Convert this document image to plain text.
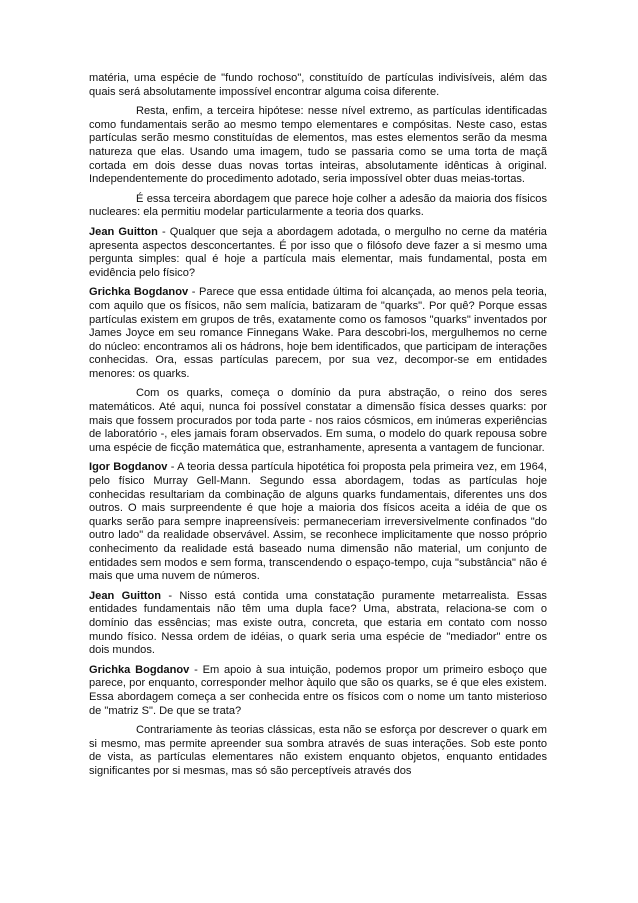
matéria, uma espécie de "fundo rochoso", constituído de partículas indivisíveis, além das quais será absolutamente impossível encontrar alguma coisa diferente.

Resta, enfim, a terceira hipótese: nesse nível extremo, as partículas identificadas como fundamentais serão ao mesmo tempo elementares e compósitas. Neste caso, estas partículas serão mesmo constituídas de elementos, mas estes elementos serão da mesma natureza que elas. Usando uma imagem, tudo se passaria como se uma torta de maçã cortada em dois desse duas novas tortas inteiras, absolutamente idênticas à original. Independentemente do procedimento adotado, seria impossível obter duas meias-tortas.

É essa terceira abordagem que parece hoje colher a adesão da maioria dos físicos nucleares: ela permitiu modelar particularmente a teoria dos quarks.

Jean Guitton - Qualquer que seja a abordagem adotada, o mergulho no cerne da matéria apresenta aspectos desconcertantes. É por isso que o filósofo deve fazer a si mesmo uma pergunta simples: qual é hoje a partícula mais elementar, mais fundamental, posta em evidência pelo físico?

Grichka Bogdanov - Parece que essa entidade última foi alcançada, ao menos pela teoria, com aquilo que os físicos, não sem malícia, batizaram de "quarks". Por quê? Porque essas partículas existem em grupos de três, exatamente como os famosos "quarks" inventados por James Joyce em seu romance Finnegans Wake. Para descobri-los, mergulhemos no cerne do núcleo: encontramos ali os hádrons, hoje bem identificados, que participam de interações conhecidas. Ora, essas partículas parecem, por sua vez, decompor-se em entidades menores: os quarks.

Com os quarks, começa o domínio da pura abstração, o reino dos seres matemáticos. Até aqui, nunca foi possível constatar a dimensão física desses quarks: por mais que fossem procurados por toda parte - nos raios cósmicos, em inúmeras experiências de laboratório -, eles jamais foram observados. Em suma, o modelo do quark repousa sobre uma espécie de ficção matemática que, estranhamente, apresenta a vantagem de funcionar.

Igor Bogdanov - A teoria dessa partícula hipotética foi proposta pela primeira vez, em 1964, pelo físico Murray Gell-Mann. Segundo essa abordagem, todas as partículas hoje conhecidas resultariam da combinação de alguns quarks fundamentais, diferentes uns dos outros. O mais surpreendente é que hoje a maioria dos físicos aceita a idéia de que os quarks serão para sempre inapreensíveis: permaneceriam irreversivelmente confinados "do outro lado" da realidade observável. Assim, se reconhece implicitamente que nosso próprio conhecimento da realidade está baseado numa dimensão não material, um conjunto de entidades sem modos e sem forma, transcendendo o espaço-tempo, cuja "substância" não é mais que uma nuvem de números.

Jean Guitton - Nisso está contida uma constatação puramente metarrealista. Essas entidades fundamentais não têm uma dupla face? Uma, abstrata, relaciona-se com o domínio das essências; mas existe outra, concreta, que estaria em contato com nosso mundo físico. Nessa ordem de idéias, o quark seria uma espécie de "mediador" entre os dois mundos.

Grichka Bogdanov - Em apoio à sua intuição, podemos propor um primeiro esboço que parece, por enquanto, corresponder melhor àquilo que são os quarks, se é que eles existem. Essa abordagem começa a ser conhecida entre os físicos com o nome um tanto misterioso de "matriz S". De que se trata?

Contrariamente às teorias clássicas, esta não se esforça por descrever o quark em si mesmo, mas permite apreender sua sombra através de suas interações. Sob este ponto de vista, as partículas elementares não existem enquanto objetos, enquanto entidades significantes por si mesmas, mas só são perceptíveis através dos
